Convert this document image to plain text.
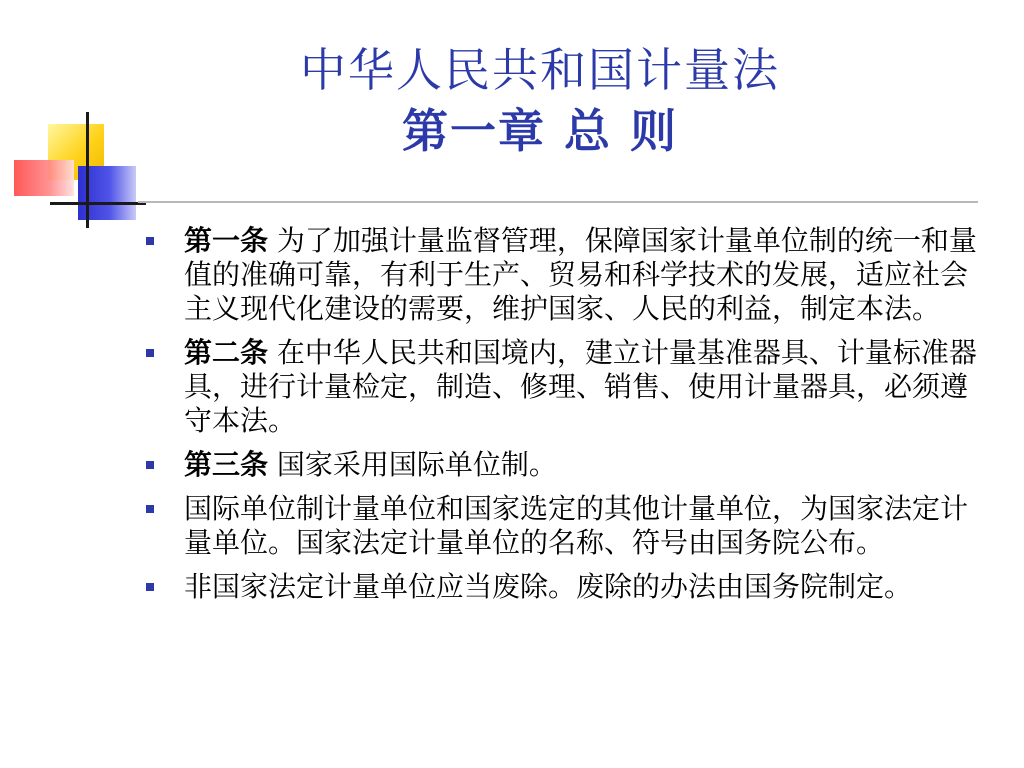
中华人民共和国计量法
第一章 总 则
第一条 为了加强计量监督管理，保障国家计量单位制的统一和量值的准确可靠，有利于生产、贸易和科学技术的发展，适应社会主义现代化建设的需要，维护国家、人民的利益，制定本法。
第二条 在中华人民共和国境内，建立计量基准器具、计量标准器具，进行计量检定，制造、修理、销售、使用计量器具，必须遵守本法。
第三条 国家采用国际单位制。
国际单位制计量单位和国家选定的其他计量单位，为国家法定计量单位。国家法定计量单位的名称、符号由国务院公布。
非国家法定计量单位应当废除。废除的办法由国务院制定。
